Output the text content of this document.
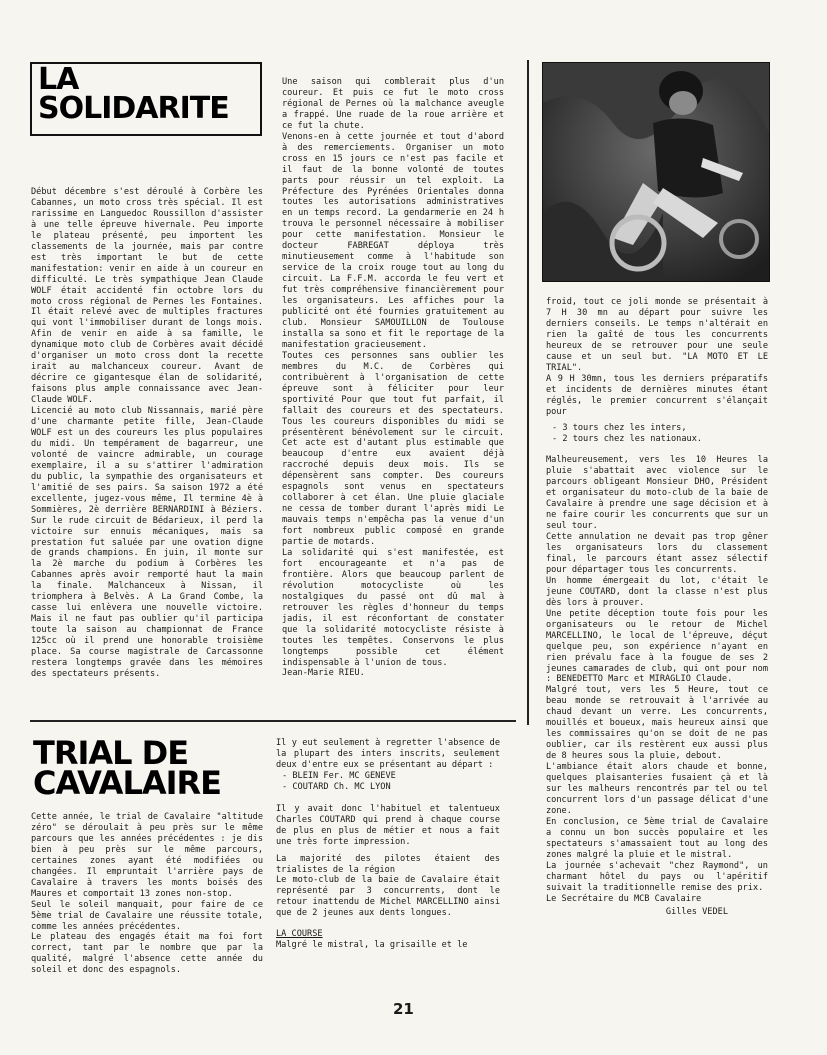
LA
SOLIDARITE

Début décembre s'est déroulé à Corbère les Cabannes, un moto cross très spécial. Il est rarissime en Languedoc Roussillon d'assister à une telle épreuve hivernale. Peu importe le plateau présenté, peu importent les classements de la journée, mais par contre est très important le but de cette manifestation: venir en aide à un coureur en difficulté. Le très sympathique Jean Claude WOLF était accidenté fin octobre lors du moto cross régional de Pernes les Fontaines. Il était relevé avec de multiples fractures qui vont l'immobiliser durant de longs mois. Afin de venir en aide à sa famille, le dynamique moto club de Corbères avait décidé d'organiser un moto cross dont la recette irait au malchanceux coureur. Avant de décrire ce gigantesque élan de solidarité, faisons plus ample connaissance avec Jean-Claude WOLF.

Licencié au moto club Nissannais, marié père d'une charmante petite fille, Jean-Claude WOLF est un des coureurs les plus populaires du midi. Un tempérament de bagarreur, une volonté de vaincre admirable, un courage exemplaire, il a su s'attirer l'admiration du public, la sympathie des organisateurs et l'amitié de ses pairs. Sa saison 1972 a été excellente, jugez-vous même, Il termine 4è à Sommières, 2è derrière BERNARDINI à Béziers. Sur le rude circuit de Bédarieux, il perd la victoire sur ennuis mécaniques, mais sa prestation fut saluée par une ovation digne de grands champions. En juin, il monte sur la 2è marche du podium à Corbères les Cabannes après avoir remporté haut la main la finale. Malchanceux à Nissan, il triomphera à Belvès. A La Grand Combe, la casse lui enlèvera une nouvelle victoire. Mais il ne faut pas oublier qu'il participa toute la saison au championnat de France 125cc où il prend une honorable troisième place. Sa course magistrale de Carcassonne restera longtemps gravée dans les mémoires des spectateurs présents.

Une saison qui comblerait plus d'un coureur. Et puis ce fut le moto cross régional de Pernes où la malchance aveugle a frappé. Une ruade de la roue arrière et ce fut la chute.

Venons-en à cette journée et tout d'abord à des remerciements. Organiser un moto cross en 15 jours ce n'est pas facile et il faut de la bonne volonté de toutes parts pour réussir un tel exploit. La Préfecture des Pyrénées Orientales donna toutes les autorisations administratives en un temps record. La gendarmerie en 24 h trouva le personnel nécessaire à mobiliser pour cette manifestation. Monsieur le docteur FABREGAT déploya très minutieusement comme à l'habitude son service de la croix rouge tout au long du circuit. La F.F.M. accorda le feu vert et fut très compréhensive financièrement pour les organisateurs. Les affiches pour la publicité ont été fournies gratuitement au club. Monsieur SAMOUILLON de Toulouse installa sa sono et fit le reportage de la manifestation gracieusement.

Toutes ces personnes sans oublier les membres du M.C. de Corbères qui contribuèrent à l'organisation de cette épreuve sont à féliciter pour leur sportivité Pour que tout fut parfait, il fallait des coureurs et des spectateurs. Tous les coureurs disponibles du midi se présentèrent bénévolement sur le circuit. Cet acte est d'autant plus estimable que beaucoup d'entre eux avaient déjà raccroché depuis deux mois. Ils se dépensèrent sans compter. Des coureurs espagnols sont venus en spectateurs collaborer à cet élan. Une pluie glaciale ne cessa de tomber durant l'après midi Le mauvais temps n'empêcha pas la venue d'un fort nombreux public composé en grande partie de motards.

La solidarité qui s'est manifestée, est fort encourageante et n'a pas de frontière. Alors que beaucoup parlent de révolution motocycliste où les nostalgiques du passé ont dû mal à retrouver les règles d'honneur du temps jadis, il est réconfortant de constater que la solidarité motocycliste résiste à toutes les tempêtes. Conservons le plus longtemps possible cet élément indispensable à l'union de tous.

Jean-Marie RIEU.

TRIAL DE
CAVALAIRE

Cette année, le trial de Cavalaire "altitude zéro" se déroulait à peu près sur le même parcours que les années précédentes : je dis bien à peu près sur le même parcours, certaines zones ayant été modifiées ou changées. Il empruntait l'arrière pays de Cavalaire à travers les monts boisés des Maures et comportait 13 zones non-stop.

Seul le soleil manquait, pour faire de ce 5ème trial de Cavalaire une réussite totale, comme les années précédentes.

Le plateau des engagés était ma foi fort correct, tant par le nombre que par la qualité, malgré l'absence cette année du soleil et donc des espagnols.

Il y eut seulement à regretter l'absence de la plupart des inters inscrits, seulement deux d'entre eux se présentant au départ :

- BLEIN Fer. MC GENEVE

- COUTARD Ch. MC LYON

Il y avait donc l'habituel et talentueux Charles COUTARD qui prend à chaque course de plus en plus de métier et nous a fait une très forte impression.

La majorité des pilotes étaient des trialistes de la région

Le moto-club de la baie de Cavalaire était représenté par 3 concurrents, dont le retour inattendu de Michel MARCELLINO ainsi que de 2 jeunes aux dents longues.

LA COURSE

Malgré le mistral, la grisaille et le

froid, tout ce joli monde se présentait à 7 H 30 mn au départ pour suivre les derniers conseils. Le temps n'altérait en rien la gaîté de tous les concurrents heureux de se retrouver pour une seule cause et un seul but. "LA MOTO ET LE TRIAL".

A 9 H 30mn, tous les derniers préparatifs et incidents de dernières minutes étant réglés, le premier concurrent s'élançait pour

- 3 tours chez les inters,

- 2 tours chez les nationaux.

Malheureusement, vers les 10 Heures la pluie s'abattait avec violence sur le parcours obligeant Monsieur DHO, Président et organisateur du moto-club de la baie de Cavalaire à prendre une sage décision et à ne faire courir les concurrents que sur un seul tour.

Cette annulation ne devait pas trop gêner les organisateurs lors du classement final, le parcours étant assez sélectif pour départager tous les concurrents.

Un homme émergeait du lot, c'était le jeune COUTARD, dont la classe n'est plus dès lors à prouver.

Une petite déception toute fois pour les organisateurs ou le retour de Michel MARCELLINO, le local de l'épreuve, déçut quelque peu, son expérience n'ayant en rien prévalu face à la fougue de ses 2 jeunes camarades de club, qui ont pour nom : BENEDETTO Marc et MIRAGLIO Claude.

Malgré tout, vers les 5 Heure, tout ce beau monde se retrouvait à l'arrivée au chaud devant un verre. Les concurrents, mouillés et boueux, mais heureux ainsi que les commissaires qu'on se doit de ne pas oublier, car ils restèrent eux aussi plus de 8 heures sous la pluie, debout.

L'ambiance était alors chaude et bonne, quelques plaisanteries fusaient çà et là sur les malheurs rencontrés par tel ou tel concurrent lors d'un passage délicat d'une zone.

En conclusion, ce 5ème trial de Cavalaire a connu un bon succès populaire et les spectateurs s'amassaient tout au long des zones malgré la pluie et le mistral.

La journée s'achevait "chez Raymond", un charmant hôtel du pays ou l'apéritif suivait la traditionnelle remise des prix.

Le Secrétaire du MCB Cavalaire

Gilles VEDEL

21
